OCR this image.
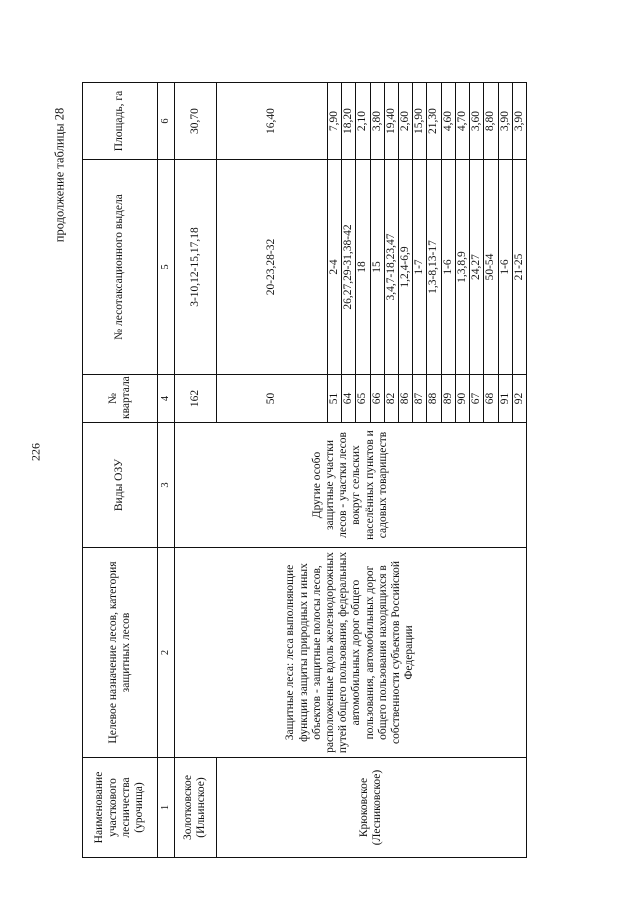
226
продолжение таблицы 28
Наименование участкового лесничества (урочища)	Целевое назначение лесов, категория защитных лесов	Виды ОЗУ	№ квартала	№ лесотаксационного выдела	Площадь, га
1	2	3	4	5	6
Золотковское (Ильинское)	Защитные леса: леса выполняющие функции защиты природных и иных объектов - защитные полосы лесов, расположенные вдоль железнодорожных путей общего пользования, федеральных автомобильных дорог общего пользования, автомобильных дорог общего пользования находящихся в собственности субъектов Российской Федерации	Другие особо защитные участки лесов - участки лесов вокруг сельских населённых пунктов и садовых товариществ	162	3-10,12-15,17,18	30,70
Крюковское (Лесниковское)			50	20-23,28-32	16,40
			51	2-4	7,90
			64	26,27,29-31,38-42	18,20
			65	18	2,10
			66	15	3,80
			82	3,4,7-18,23,47	19,40
			86	1,2,4-6,9	2,60
			87	1-7	15,90
			88	1,3-8,13-17	21,30
			89	1-6	4,60
			90	1,3,8,9	4,70
			67	24,27	3,60
			68	50-54	8,80
			91	1-6	3,90
			92	21-25	3,90
